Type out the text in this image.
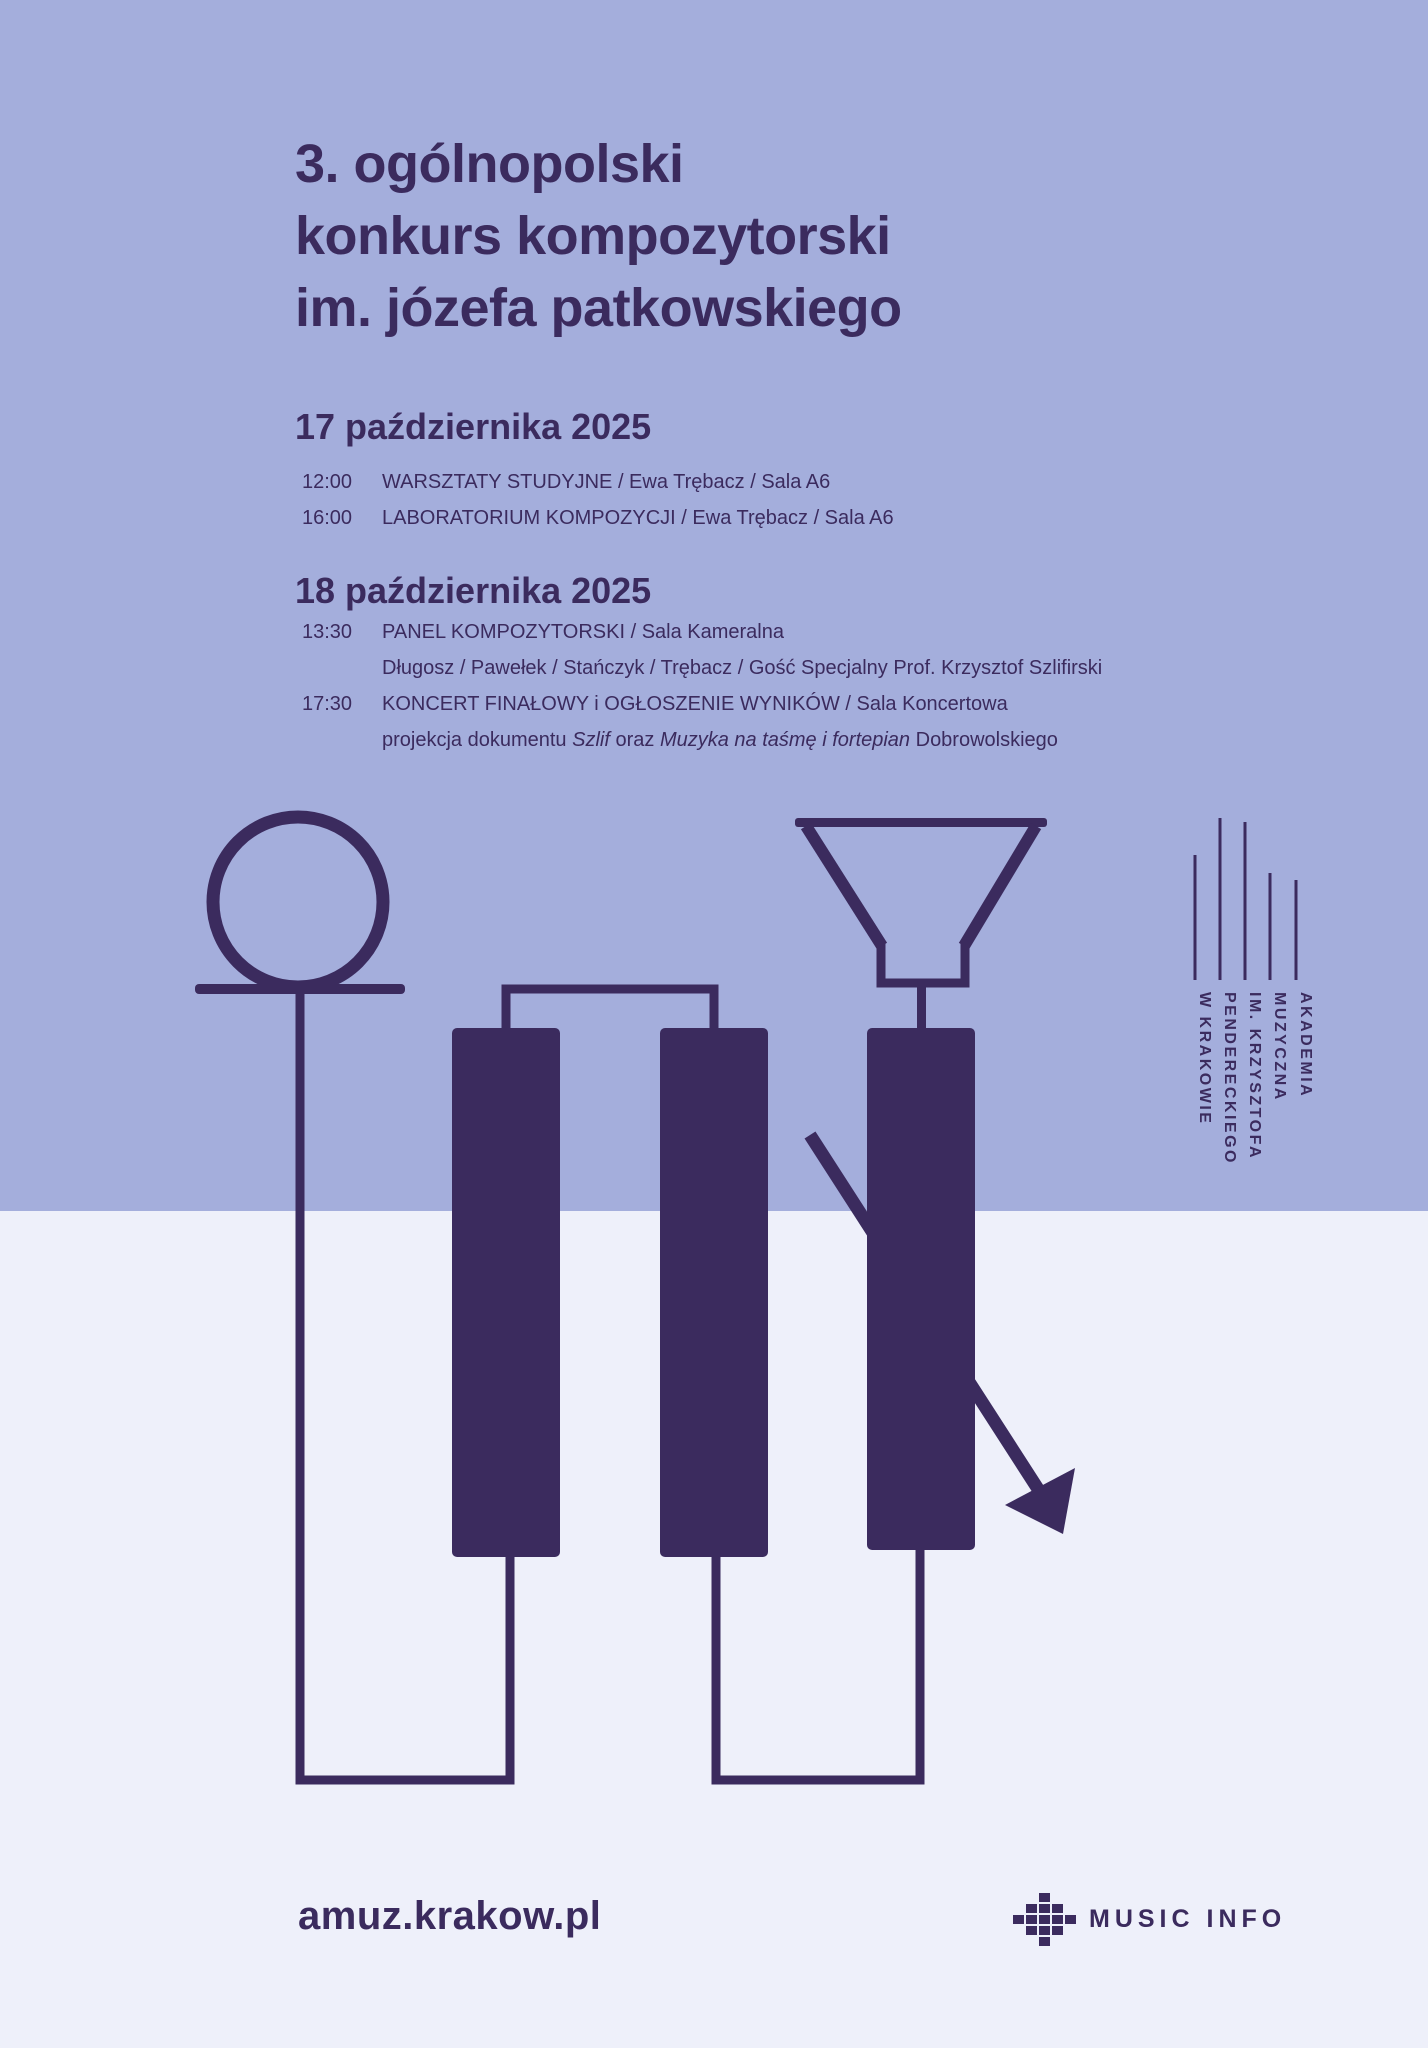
AKADEMIA
MUZYCZNA
IM. KRZYSZTOFA
PENDERECKIEGO
W KRAKOWIE
3. ogólnopolski
konkurs kompozytorski
im. józefa patkowskiego
17 października 2025
12:00 WARSZTATY STUDYJNE / Ewa Trębacz / Sala A6
16:00 LABORATORIUM KOMPOZYCJI / Ewa Trębacz / Sala A6
18 października 2025
13:30 PANEL KOMPOZYTORSKI / Sala Kameralna
Długosz / Pawełek / Stańczyk / Trębacz / Gość Specjalny Prof. Krzysztof Szlifirski
17:30 KONCERT FINAŁOWY i OGŁOSZENIE WYNIKÓW / Sala Koncertowa
projekcja dokumentu Szlif oraz Muzyka na taśmę i fortepian Dobrowolskiego
amuz.krakow.pl	MUSIC INFO
